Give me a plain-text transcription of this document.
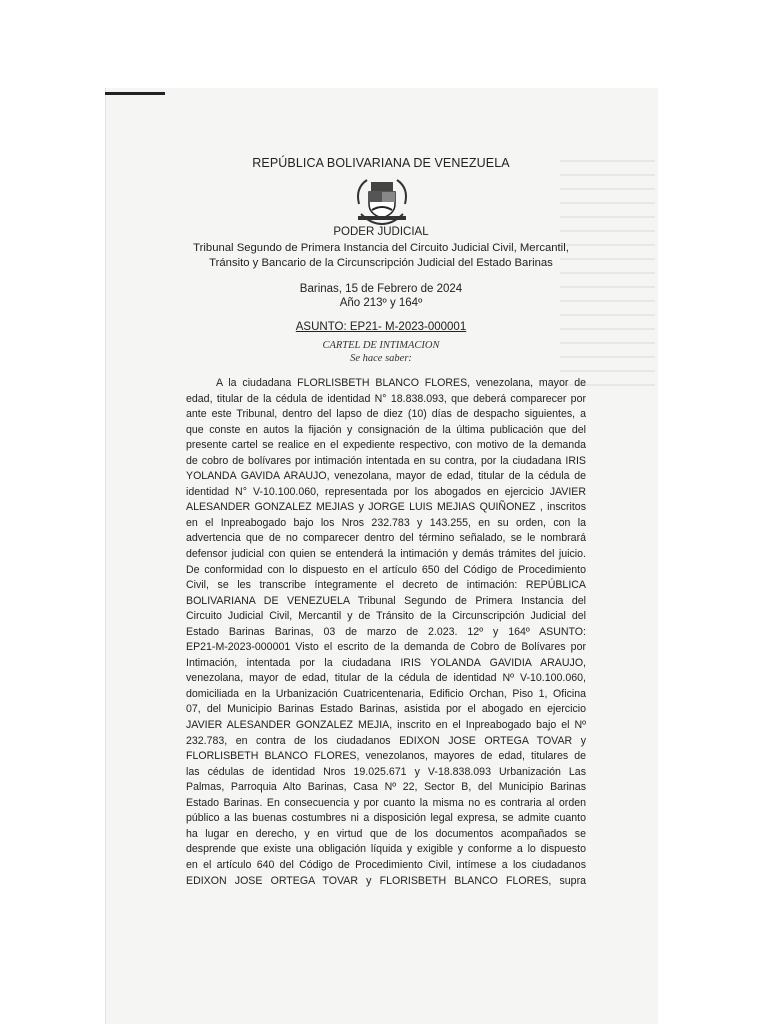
REPÚBLICA BOLIVARIANA DE VENEZUELA
PODER JUDICIAL
Tribunal Segundo de Primera Instancia del Circuito Judicial Civil, Mercantil,
Tránsito y Bancario de la Circunscripción Judicial del Estado Barinas
Barinas, 15 de Febrero de 2024
Año 213º y 164º
ASUNTO: EP21- M-2023-000001
CARTEL DE INTIMACION
Se hace saber:
A la ciudadana FLORLISBETH BLANCO FLORES, venezolana, mayor de
edad, titular de la cédula de identidad N° 18.838.093, que deberá comparecer por
ante este Tribunal, dentro del lapso de diez (10) días de despacho siguientes, a
que conste en autos la fijación y consignación de la última publicación que del
presente cartel se realice en el expediente respectivo, con motivo de la demanda
de cobro de bolívares por intimación intentada en su contra, por la ciudadana IRIS
YOLANDA GAVIDA ARAUJO, venezolana, mayor de edad, titular de la cédula de
identidad N° V-10.100.060, representada por los abogados en ejercicio JAVIER
ALESANDER GONZALEZ MEJIAS y JORGE LUIS MEJIAS QUIÑONEZ , inscritos
en el Inpreabogado bajo los Nros 232.783 y 143.255, en su orden, con la
advertencia que de no comparecer dentro del término señalado, se le nombrará
defensor judicial con quien se entenderá la intimación y demás trámites del juicio.
De conformidad con lo dispuesto en el artículo 650 del Código de Procedimiento
Civil, se les transcribe íntegramente el decreto de intimación: REPÚBLICA
BOLIVARIANA DE VENEZUELA Tribunal Segundo de Primera Instancia del
Circuito Judicial Civil, Mercantil y de Tránsito de la Circunscripción Judicial del
Estado Barinas Barinas, 03 de marzo de 2.023. 12º y 164º ASUNTO:
EP21-M-2023-000001 Visto el escrito de la demanda de Cobro de Bolívares por
Intimación, intentada por la ciudadana IRIS YOLANDA GAVIDIA ARAUJO,
venezolana, mayor de edad, titular de la cédula de identidad Nº V-10.100.060,
domiciliada en la Urbanización Cuatricentenaria, Edificio Orchan, Piso 1, Oficina
07, del Municipio Barinas Estado Barinas, asistida por el abogado en ejercicio
JAVIER ALESANDER GONZALEZ MEJIA, inscrito en el Inpreabogado bajo el Nº
232.783, en contra de los ciudadanos EDIXON JOSE ORTEGA TOVAR y
FLORLISBETH BLANCO FLORES, venezolanos, mayores de edad, titulares de
las cédulas de identidad Nros 19.025.671 y V-18.838.093 Urbanización Las
Palmas, Parroquia Alto Barinas, Casa Nº 22, Sector B, del Municipio Barinas
Estado Barinas. En consecuencia y por cuanto la misma no es contraria al orden
público a las buenas costumbres ni a disposición legal expresa, se admite cuanto
ha lugar en derecho, y en virtud que de los documentos acompañados se
desprende que existe una obligación líquida y exigible y conforme a lo dispuesto
en el artículo 640 del Código de Procedimiento Civil, intímese a los ciudadanos
EDIXON JOSE ORTEGA TOVAR y FLORISBETH BLANCO FLORES, supra
